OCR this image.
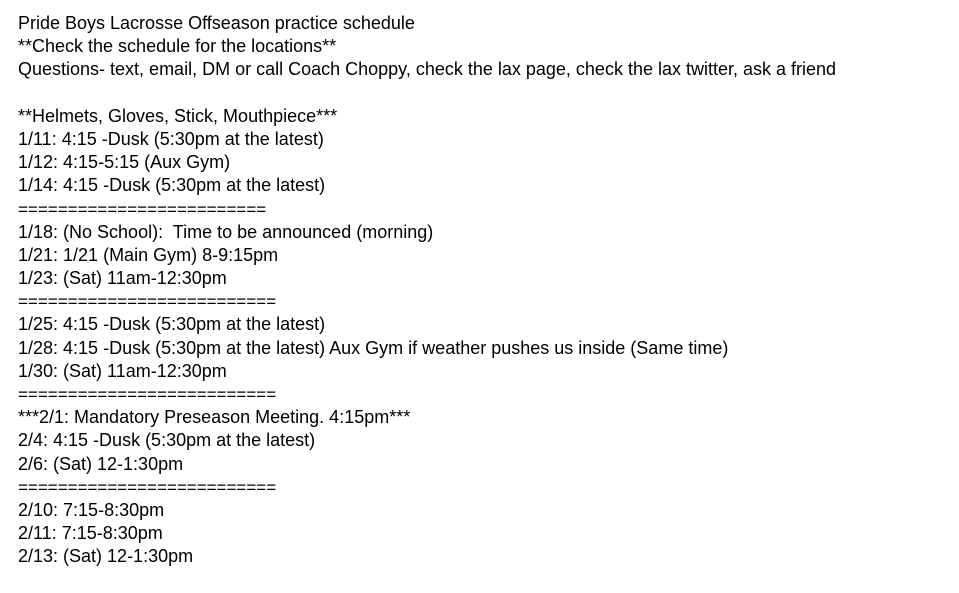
Pride Boys Lacrosse Offseason practice schedule
**Check the schedule for the locations**
Questions- text, email, DM or call Coach Choppy, check the lax page, check the lax twitter, ask a friend
**Helmets, Gloves, Stick, Mouthpiece***
1/11: 4:15 -Dusk (5:30pm at the latest)
1/12: 4:15-5:15 (Aux Gym)
1/14: 4:15 -Dusk (5:30pm at the latest)
=========================
1/18: (No School):  Time to be announced (morning)
1/21: 1/21 (Main Gym) 8-9:15pm
1/23: (Sat) 11am-12:30pm
==========================
1/25: 4:15 -Dusk (5:30pm at the latest)
1/28: 4:15 -Dusk (5:30pm at the latest) Aux Gym if weather pushes us inside (Same time)
1/30: (Sat) 11am-12:30pm
==========================
***2/1: Mandatory Preseason Meeting. 4:15pm***
2/4: 4:15 -Dusk (5:30pm at the latest)
2/6: (Sat) 12-1:30pm
==========================
2/10: 7:15-8:30pm
2/11: 7:15-8:30pm
2/13: (Sat) 12-1:30pm
